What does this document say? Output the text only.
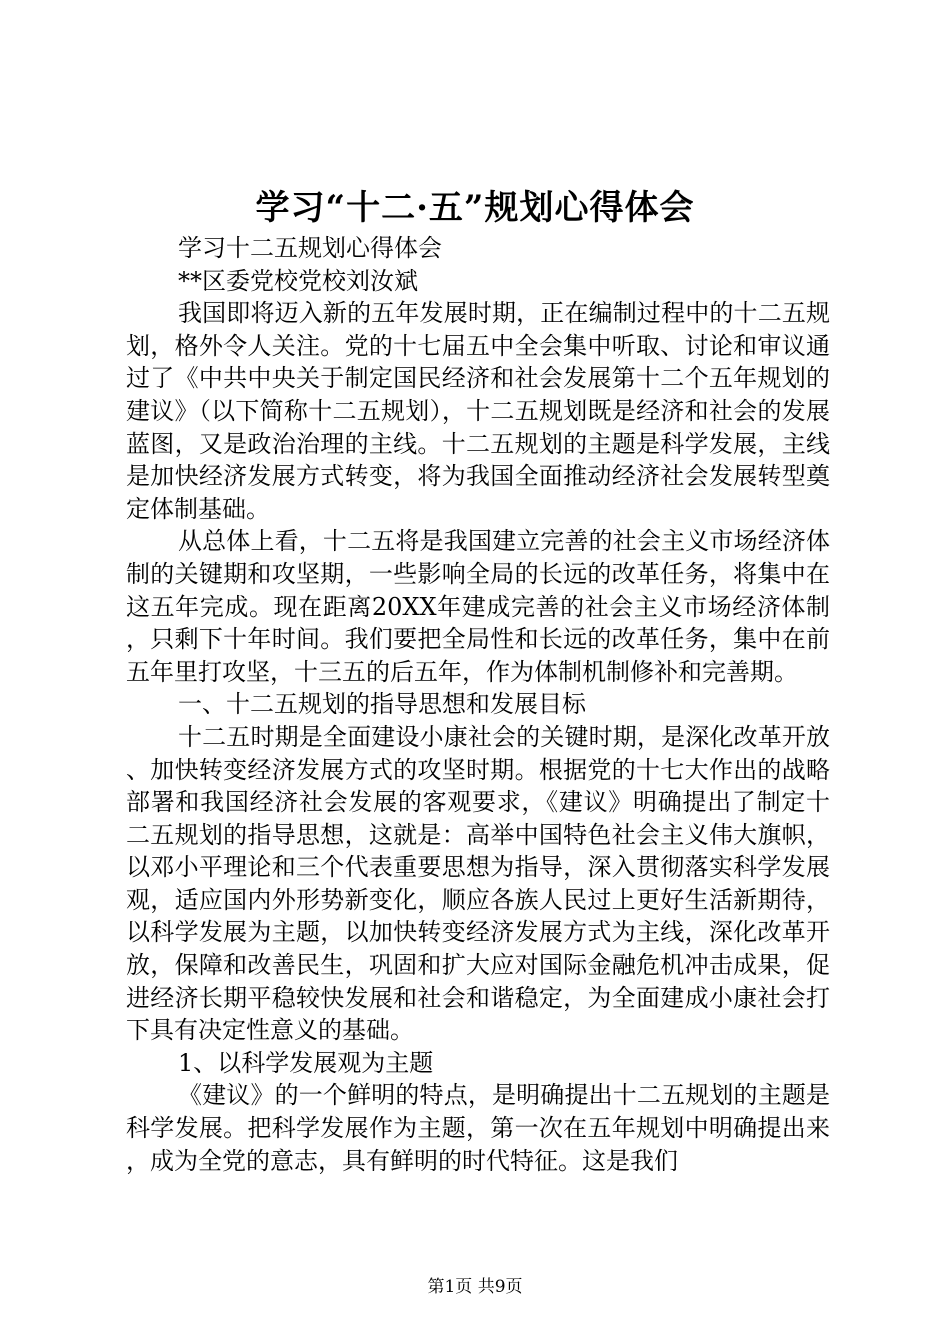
学习“十二·五”规划心得体会

学习十二五规划心得体会

**区委党校党校刘汝斌

我国即将迈入新的五年发展时期，正在编制过程中的十二五规划，格外令人关注。党的十七届五中全会集中听取、讨论和审议通过了《中共中央关于制定国民经济和社会发展第十二个五年规划的建议》（以下简称十二五规划），十二五规划既是经济和社会的发展蓝图，又是政治治理的主线。十二五规划的主题是科学发展，主线是加快经济发展方式转变，将为我国全面推动经济社会发展转型奠定体制基础。

从总体上看，十二五将是我国建立完善的社会主义市场经济体制的关键期和攻坚期，一些影响全局的长远的改革任务，将集中在这五年完成。现在距离20XX年建成完善的社会主义市场经济体制，只剩下十年时间。我们要把全局性和长远的改革任务，集中在前五年里打攻坚，十三五的后五年，作为体制机制修补和完善期。

一、十二五规划的指导思想和发展目标

十二五时期是全面建设小康社会的关键时期，是深化改革开放、加快转变经济发展方式的攻坚时期。根据党的十七大作出的战略部署和我国经济社会发展的客观要求，《建议》明确提出了制定十二五规划的指导思想，这就是：高举中国特色社会主义伟大旗帜，以邓小平理论和三个代表重要思想为指导，深入贯彻落实科学发展观，适应国内外形势新变化，顺应各族人民过上更好生活新期待，以科学发展为主题，以加快转变经济发展方式为主线，深化改革开放，保障和改善民生，巩固和扩大应对国际金融危机冲击成果，促进经济长期平稳较快发展和社会和谐稳定，为全面建成小康社会打下具有决定性意义的基础。

1、以科学发展观为主题

《建议》的一个鲜明的特点，是明确提出十二五规划的主题是科学发展。把科学发展作为主题，第一次在五年规划中明确提出来，成为全党的意志，具有鲜明的时代特征。这是我们

第1页 共9页
